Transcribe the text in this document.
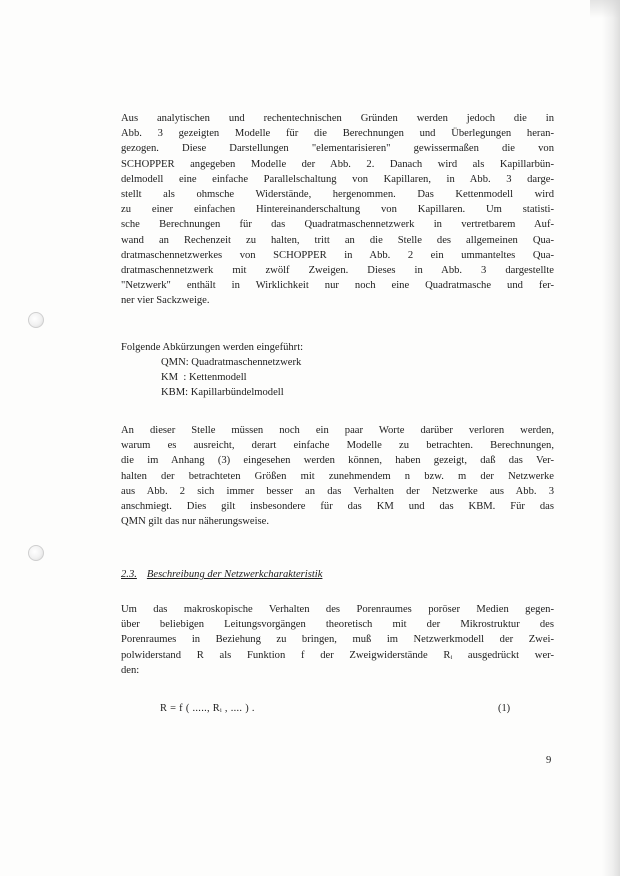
Aus analytischen und rechentechnischen Gründen werden jedoch die in
Abb. 3 gezeigten Modelle für die Berechnungen und Überlegungen heran-
gezogen. Diese Darstellungen "elementarisieren" gewissermaßen die von
SCHOPPER angegeben Modelle der Abb. 2. Danach wird als Kapillarbün-
delmodell eine einfache Parallelschaltung von Kapillaren, in Abb. 3 darge-
stellt als ohmsche Widerstände, hergenommen. Das Kettenmodell wird
zu einer einfachen Hintereinanderschaltung von Kapillaren. Um statisti-
sche Berechnungen für das Quadratmaschennetzwerk in vertretbarem Auf-
wand an Rechenzeit zu halten, tritt an die Stelle des allgemeinen Qua-
dratmaschennetzwerkes von SCHOPPER in Abb. 2 ein ummanteltes Qua-
dratmaschennetzwerk mit zwölf Zweigen. Dieses in Abb. 3 dargestellte
"Netzwerk" enthält in Wirklichkeit nur noch eine Quadratmasche und fer-
ner vier Sackzweige.
Folgende Abkürzungen werden eingeführt:
QMN: Quadratmaschennetzwerk
KM  : Kettenmodell
KBM: Kapillarbündelmodell
An dieser Stelle müssen noch ein paar Worte darüber verloren werden,
warum es ausreicht, derart einfache Modelle zu betrachten. Berechnungen,
die im Anhang (3) eingesehen werden können, haben gezeigt, daß das Ver-
halten der betrachteten Größen mit zunehmendem n bzw. m der Netzwerke
aus Abb. 2 sich immer besser an das Verhalten der Netzwerke aus Abb. 3
anschmiegt. Dies gilt insbesondere für das KM und das KBM. Für das
QMN gilt das nur näherungsweise.
2.3. Beschreibung der Netzwerkcharakteristik
Um das makroskopische Verhalten des Porenraumes poröser Medien gegen-
über beliebigen Leitungsvorgängen theoretisch mit der Mikrostruktur des
Porenraumes in Beziehung zu bringen, muß im Netzwerkmodell der Zwei-
polwiderstand R als Funktion f der Zweigwiderstände Rᵢ ausgedrückt wer-
den:
R = f ( ....., Rᵢ , .... ) .	(1)
9
